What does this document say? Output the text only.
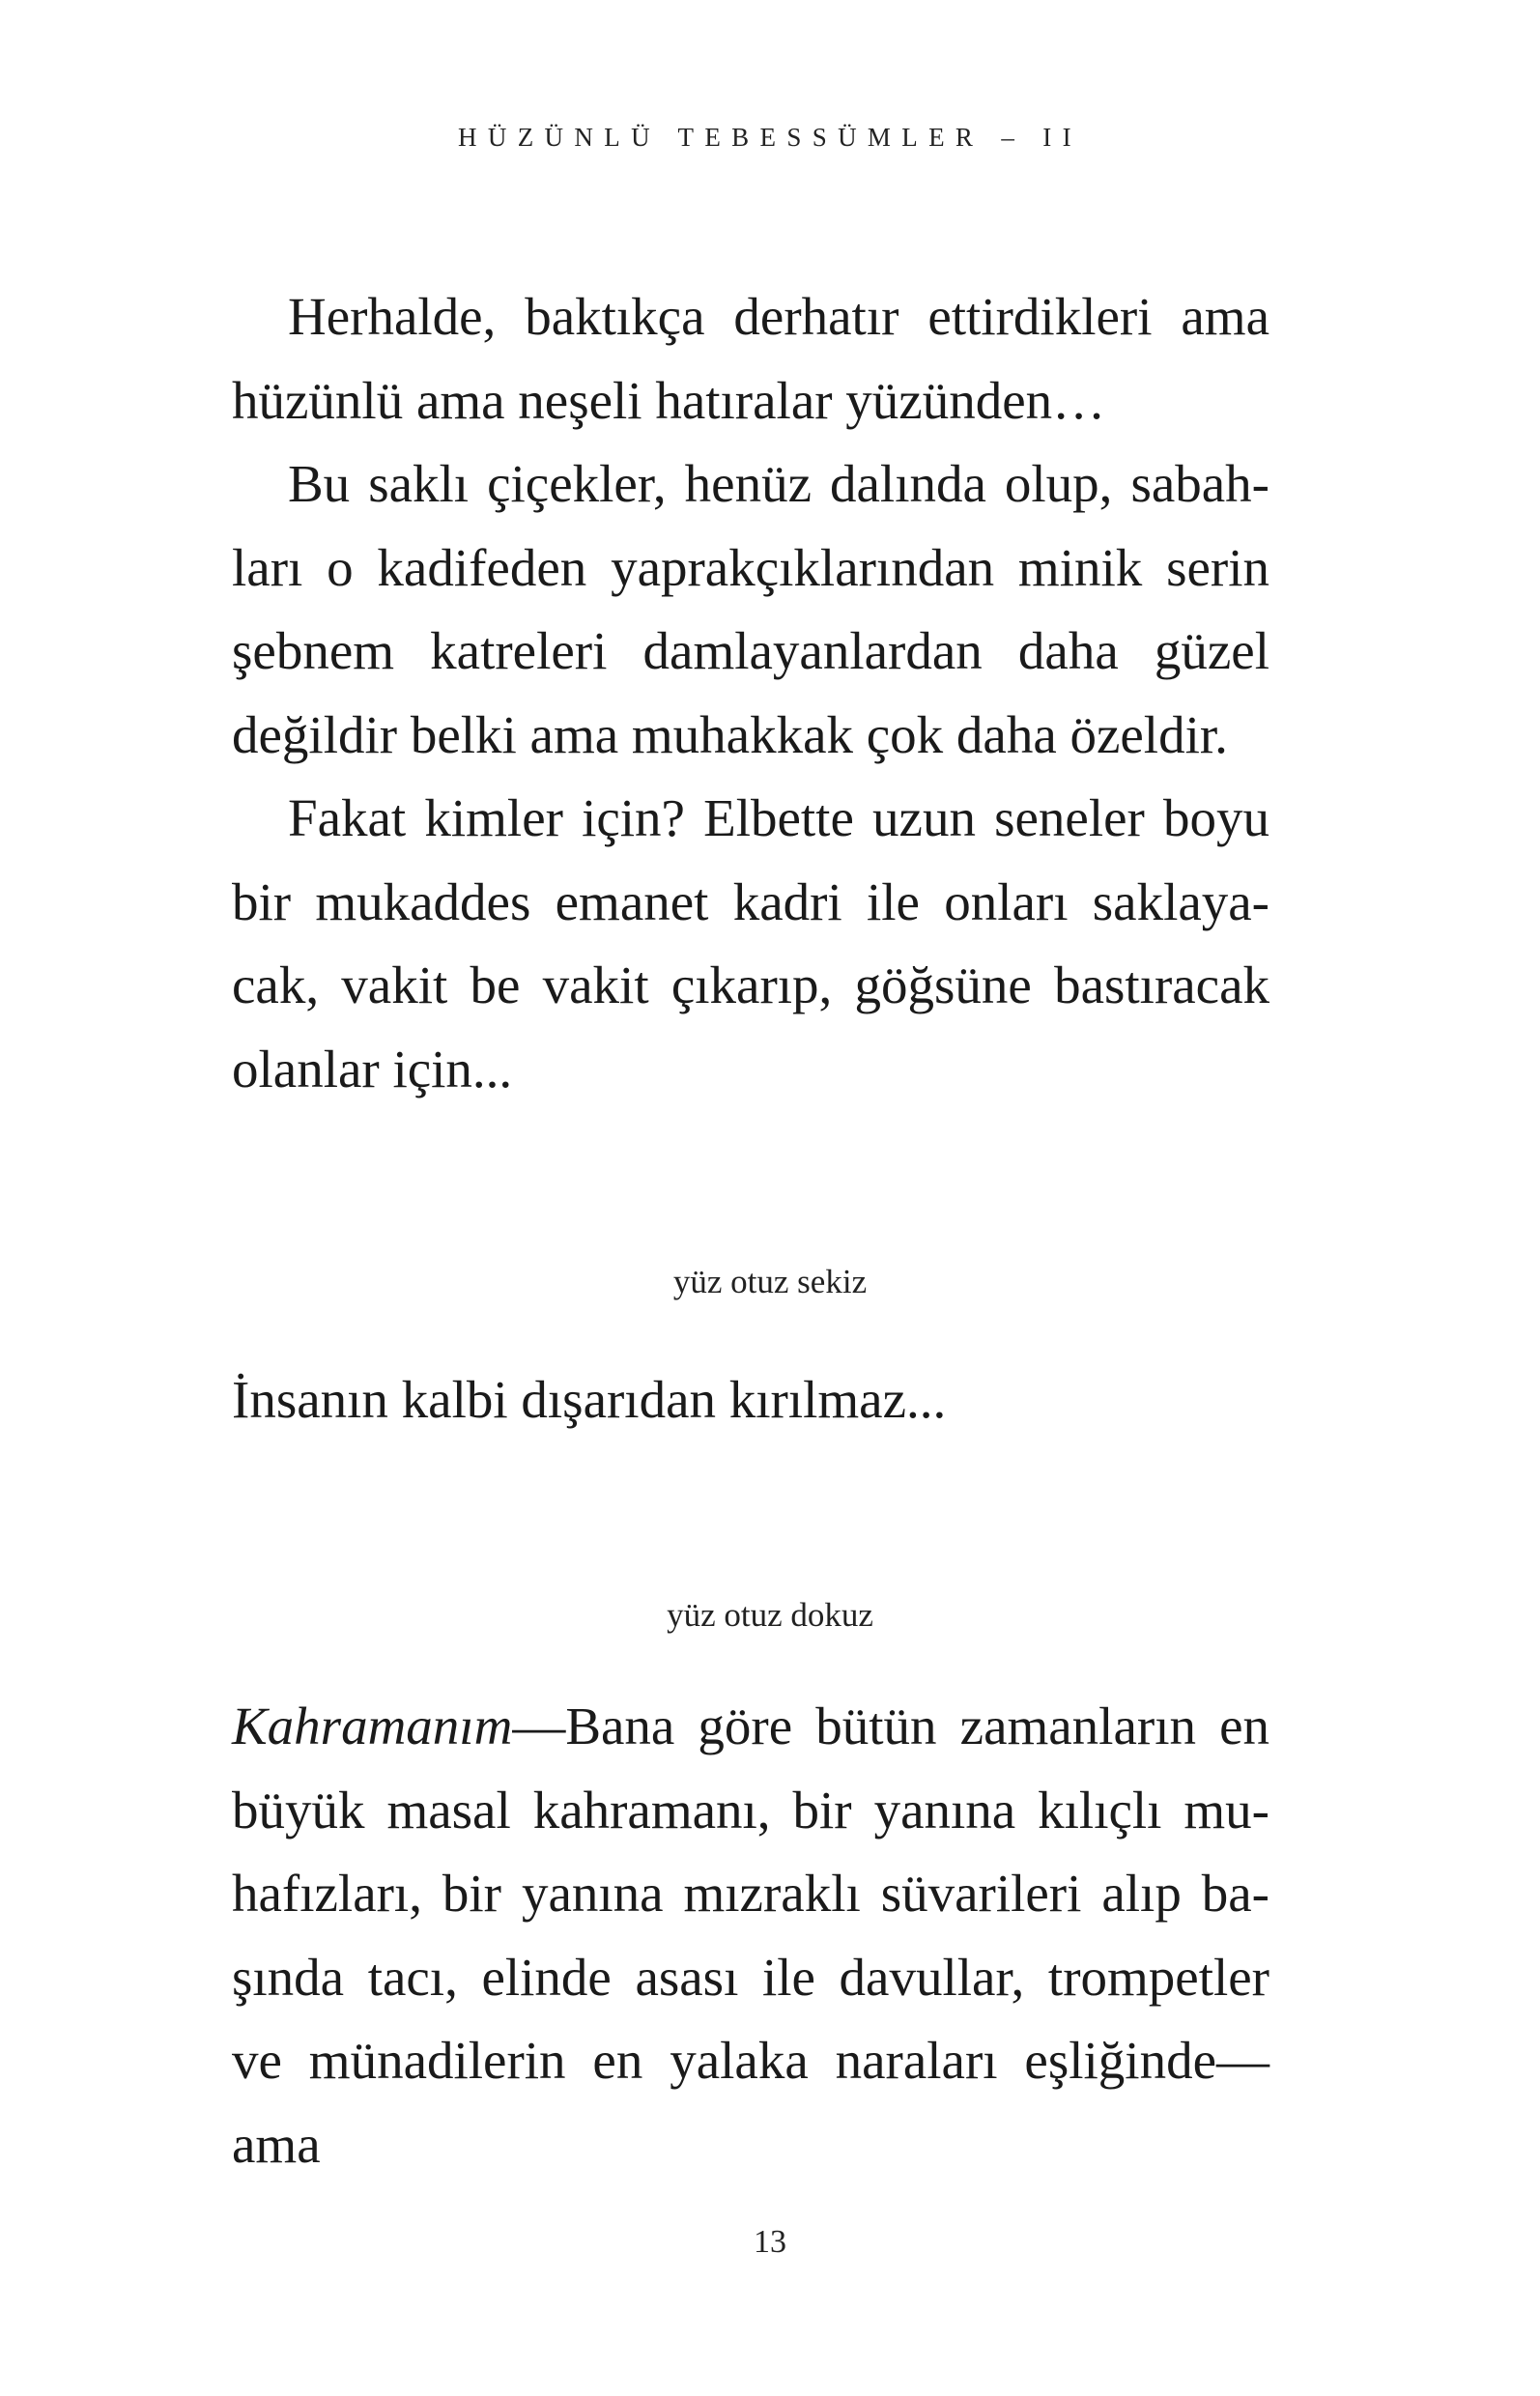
HÜZÜNLÜ TEBESSÜMLER – II

Herhalde, baktıkça derhatır ettirdikleri ama hüzünlü ama neşeli hatıralar yüzünden…

Bu saklı çiçekler, henüz dalında olup, sabah-ları o kadifeden yaprakçıklarından minik serin şebnem katreleri damlayanlardan daha güzel değildir belki ama muhakkak çok daha özeldir.

Fakat kimler için? Elbette uzun seneler boyu bir mukaddes emanet kadri ile onları saklaya-cak, vakit be vakit çıkarıp, göğsüne bastıracak olanlar için...

yüz otuz sekiz

İnsanın kalbi dışarıdan kırılmaz...

yüz otuz dokuz

Kahramanım—Bana göre bütün zamanların en büyük masal kahramanı, bir yanına kılıçlı mu-hafızları, bir yanına mızraklı süvarileri alıp ba-şında tacı, elinde asası ile davullar, trompetler ve münadilerin en yalaka naraları eşliğinde—ama

13
